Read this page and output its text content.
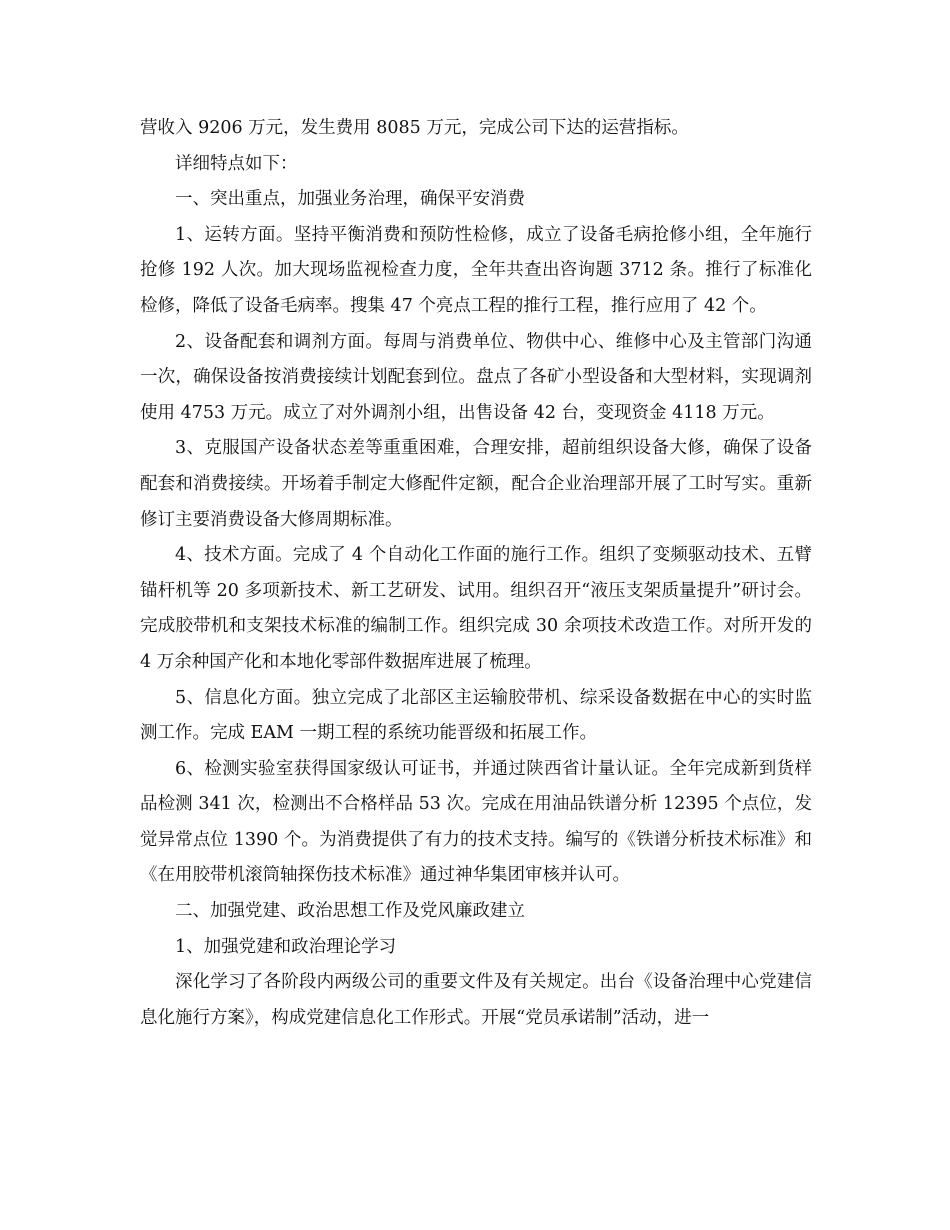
营收入 9206 万元，发生费用 8085 万元，完成公司下达的运营指标。

详细特点如下：

一、突出重点，加强业务治理，确保平安消费

1、运转方面。坚持平衡消费和预防性检修，成立了设备毛病抢修小组，全年施行抢修 192 人次。加大现场监视检查力度，全年共查出咨询题 3712 条。推行了标准化检修，降低了设备毛病率。搜集 47 个亮点工程的推行工程，推行应用了 42 个。

2、设备配套和调剂方面。每周与消费单位、物供中心、维修中心及主管部门沟通一次，确保设备按消费接续计划配套到位。盘点了各矿小型设备和大型材料，实现调剂使用 4753 万元。成立了对外调剂小组，出售设备 42 台，变现资金 4118 万元。

3、克服国产设备状态差等重重困难，合理安排，超前组织设备大修，确保了设备配套和消费接续。开场着手制定大修配件定额，配合企业治理部开展了工时写实。重新修订主要消费设备大修周期标准。

4、技术方面。完成了 4 个自动化工作面的施行工作。组织了变频驱动技术、五臂锚杆机等 20 多项新技术、新工艺研发、试用。组织召开“液压支架质量提升”研讨会。完成胶带机和支架技术标准的编制工作。组织完成 30 余项技术改造工作。对所开发的 4 万余种国产化和本地化零部件数据库进展了梳理。

5、信息化方面。独立完成了北部区主运输胶带机、综采设备数据在中心的实时监测工作。完成 EAM 一期工程的系统功能晋级和拓展工作。

6、检测实验室获得国家级认可证书，并通过陕西省计量认证。全年完成新到货样品检测 341 次，检测出不合格样品 53 次。完成在用油品铁谱分析 12395 个点位，发觉异常点位 1390 个。为消费提供了有力的技术支持。编写的《铁谱分析技术标准》和《在用胶带机滚筒轴探伤技术标准》通过神华集团审核并认可。

二、加强党建、政治思想工作及党风廉政建立

1、加强党建和政治理论学习

深化学习了各阶段内两级公司的重要文件及有关规定。出台《设备治理中心党建信息化施行方案》，构成党建信息化工作形式。开展“党员承诺制”活动，进一
